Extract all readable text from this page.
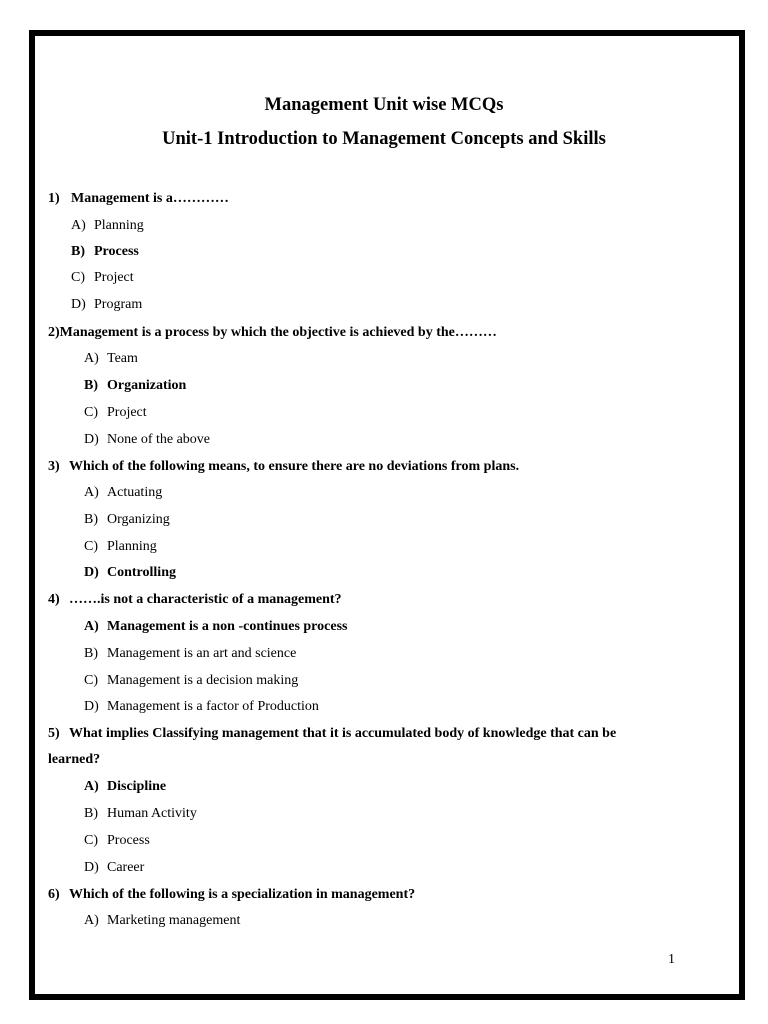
Management Unit wise MCQs
Unit-1 Introduction to Management Concepts and Skills
1) Management is a…………
A) Planning
B) Process
C) Project
D) Program
2)Management is a process by which the objective is achieved by the………
A) Team
B) Organization
C) Project
D) None of the above
3) Which of the following means, to ensure there are no deviations from plans.
A) Actuating
B) Organizing
C) Planning
D) Controlling
4) …….is not a characteristic of a management?
A) Management is a non -continues process
B) Management is an art and science
C) Management is a decision making
D) Management is a factor of Production
5) What implies Classifying management that it is accumulated body of knowledge that can be
learned?
A) Discipline
B) Human Activity
C) Process
D) Career
6) Which of the following is a specialization in management?
A) Marketing management
1
